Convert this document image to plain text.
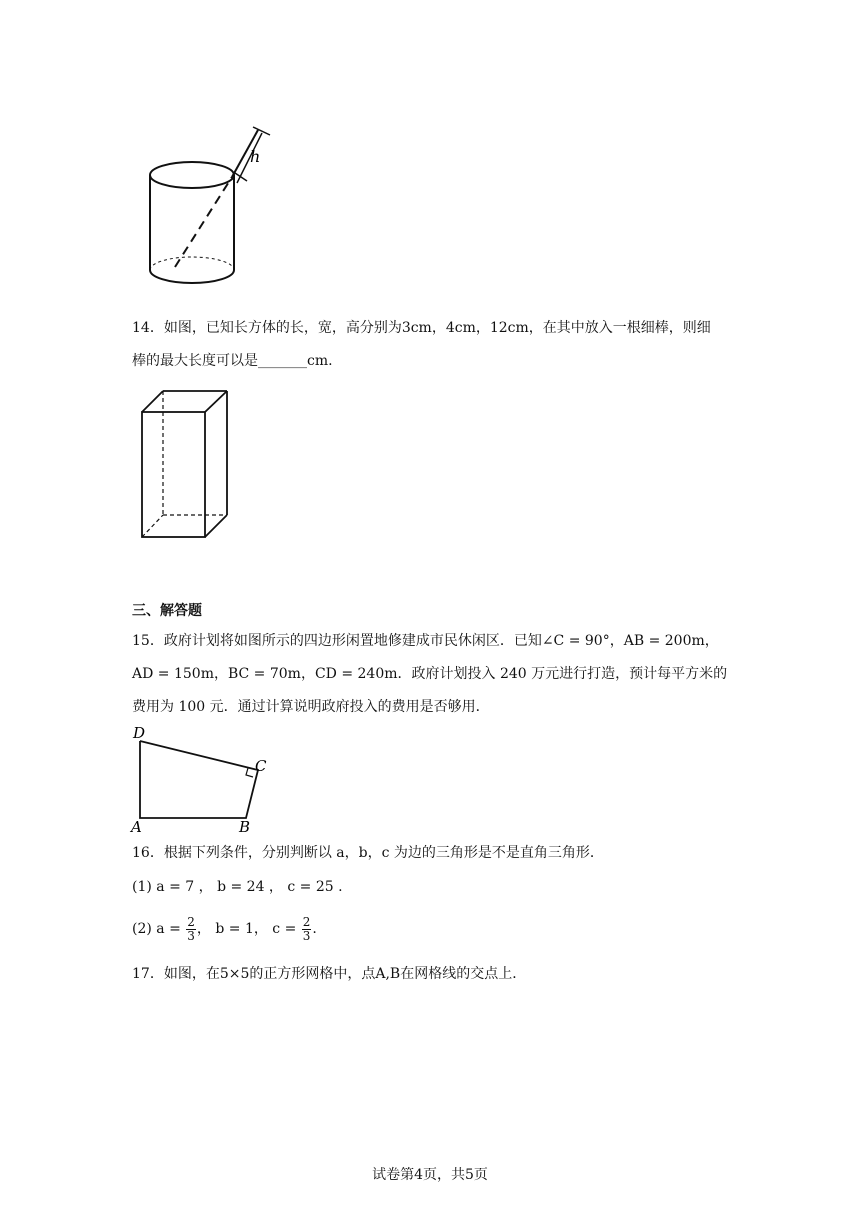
h
14．如图，已知长方体的长，宽，高分别为3cm，4cm，12cm，在其中放入一根细棒，则细
棒的最大长度可以是_______cm.
三、解答题
15．政府计划将如图所示的四边形闲置地修建成市民休闲区．已知∠C = 90°，AB = 200m，
AD = 150m，BC = 70m，CD = 240m．政府计划投入 240 万元进行打造，预计每平方米的
费用为 100 元．通过计算说明政府投入的费用是否够用．
D
C
A	B
16．根据下列条件，分别判断以 a，b，c 为边的三角形是不是直角三角形．
(1) a = 7 ， b = 24 ， c = 25 .
(2) $a = \frac{2}{3}$ ， b = 1， $c = \frac{2}{3}$ .
17．如图，在5×5的正方形网格中，点A,B在网格线的交点上．
试卷第4页，共5页
